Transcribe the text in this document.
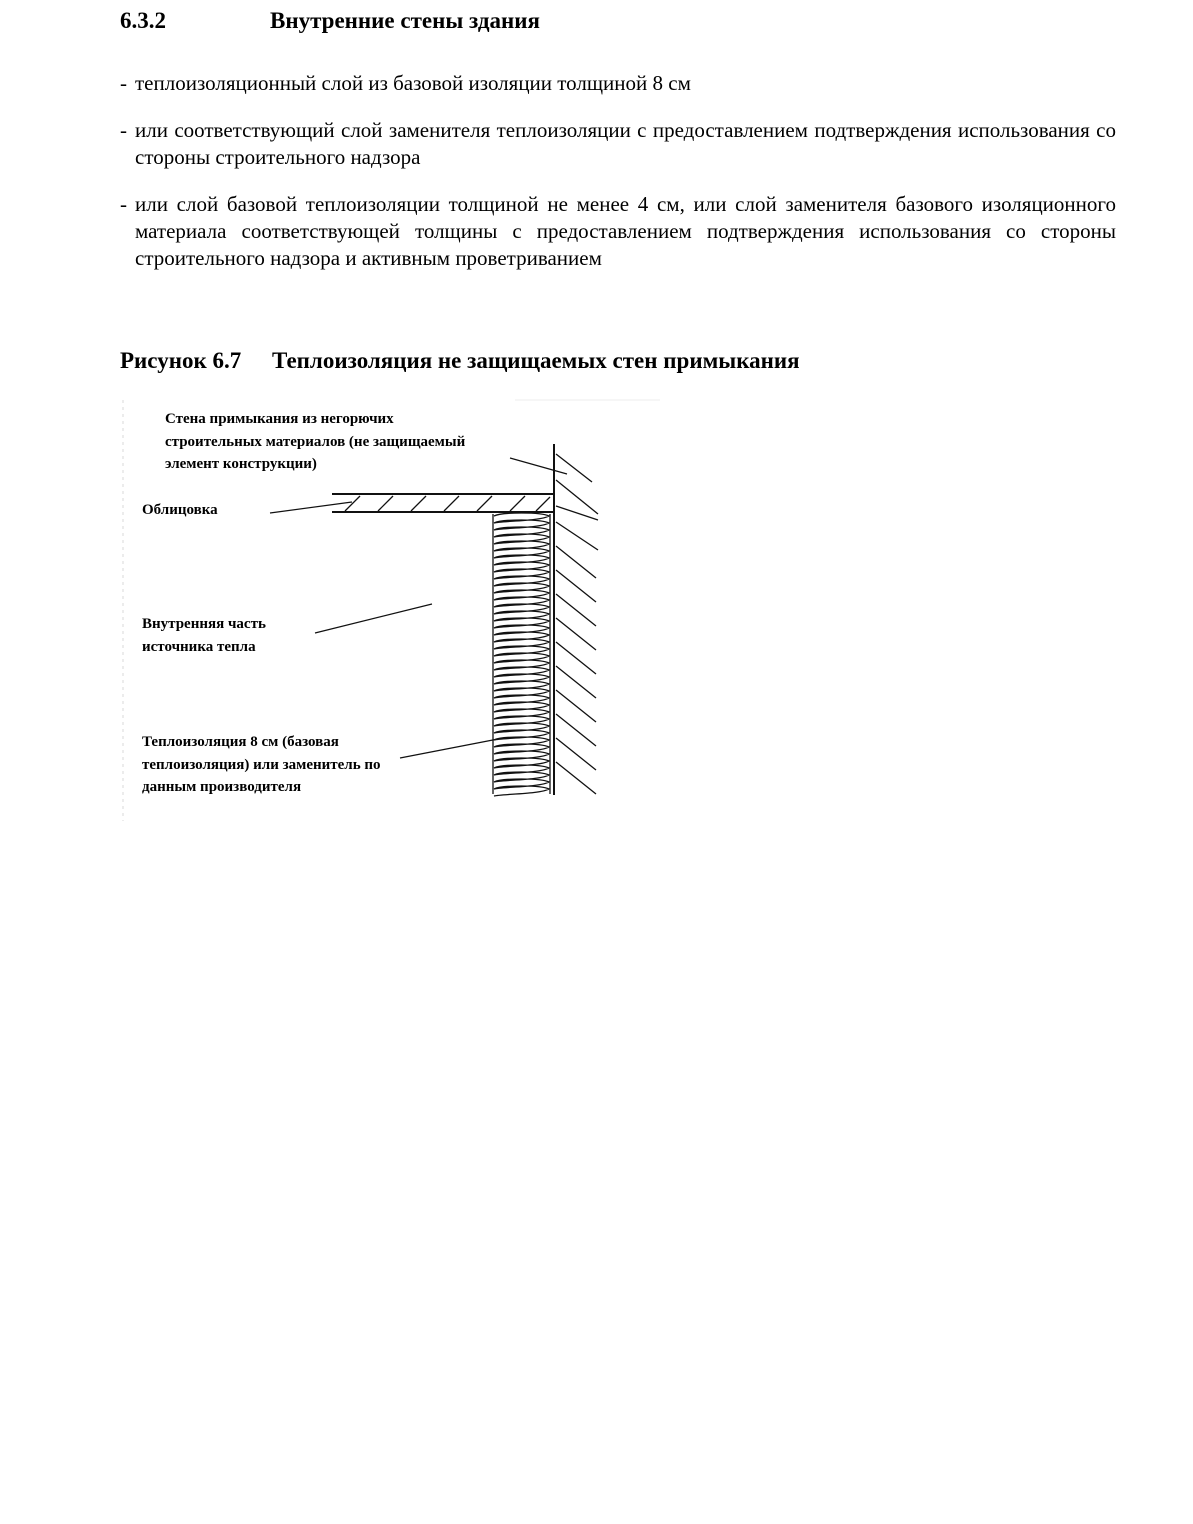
6.3.2	Внутренние стены здания
- теплоизоляционный слой из базовой изоляции толщиной 8 см
- или соответствующий слой заменителя теплоизоляции с предоставлением подтверждения использования со стороны строительного надзора
- или слой базовой теплоизоляции толщиной не менее 4 см, или слой заменителя базового изоляционного материала соответствующей толщины с предоставлением подтверждения использования со стороны строительного надзора и активным проветриванием
Рисунок 6.7 Теплоизоляция не защищаемых стен примыкания
Стена примыкания из негорючих строительных материалов (не защищаемый элемент конструкции)
Облицовка
Внутренняя часть источника тепла
Теплоизоляция 8 см (базовая теплоизоляция) или заменитель по данным производителя
